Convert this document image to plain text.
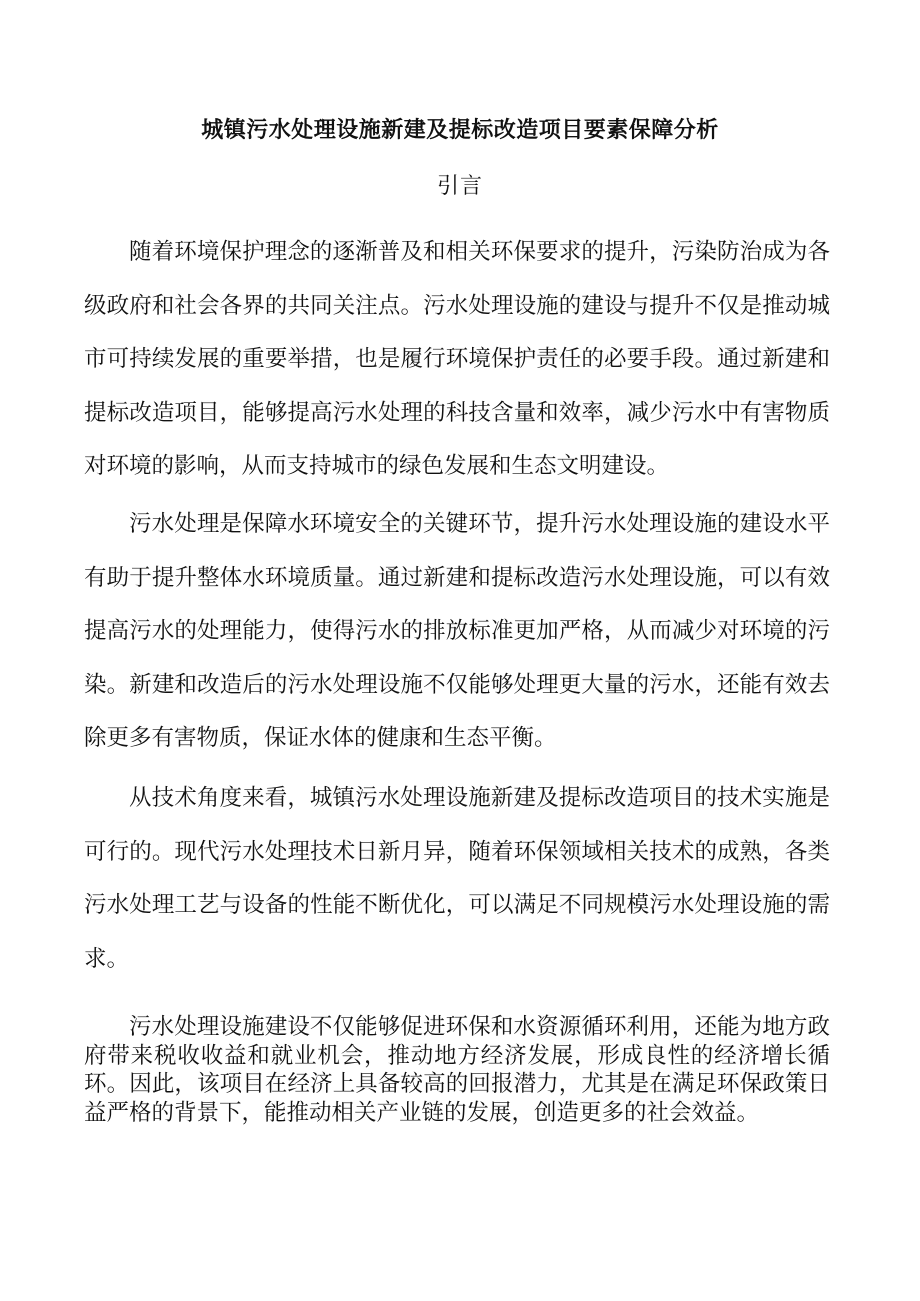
城镇污水处理设施新建及提标改造项目要素保障分析
引言

随着环境保护理念的逐渐普及和相关环保要求的提升，污染防治成为各级政府和社会各界的共同关注点。污水处理设施的建设与提升不仅是推动城市可持续发展的重要举措，也是履行环境保护责任的必要手段。通过新建和提标改造项目，能够提高污水处理的科技含量和效率，减少污水中有害物质对环境的影响，从而支持城市的绿色发展和生态文明建设。

污水处理是保障水环境安全的关键环节，提升污水处理设施的建设水平有助于提升整体水环境质量。通过新建和提标改造污水处理设施，可以有效提高污水的处理能力，使得污水的排放标准更加严格，从而减少对环境的污染。新建和改造后的污水处理设施不仅能够处理更大量的污水，还能有效去除更多有害物质，保证水体的健康和生态平衡。

从技术角度来看，城镇污水处理设施新建及提标改造项目的技术实施是可行的。现代污水处理技术日新月异，随着环保领域相关技术的成熟，各类污水处理工艺与设备的性能不断优化，可以满足不同规模污水处理设施的需求。

污水处理设施建设不仅能够促进环保和水资源循环利用，还能为地方政府带来税收收益和就业机会，推动地方经济发展，形成良性的经济增长循环。因此，该项目在经济上具备较高的回报潜力，尤其是在满足环保政策日益严格的背景下，能推动相关产业链的发展，创造更多的社会效益。
